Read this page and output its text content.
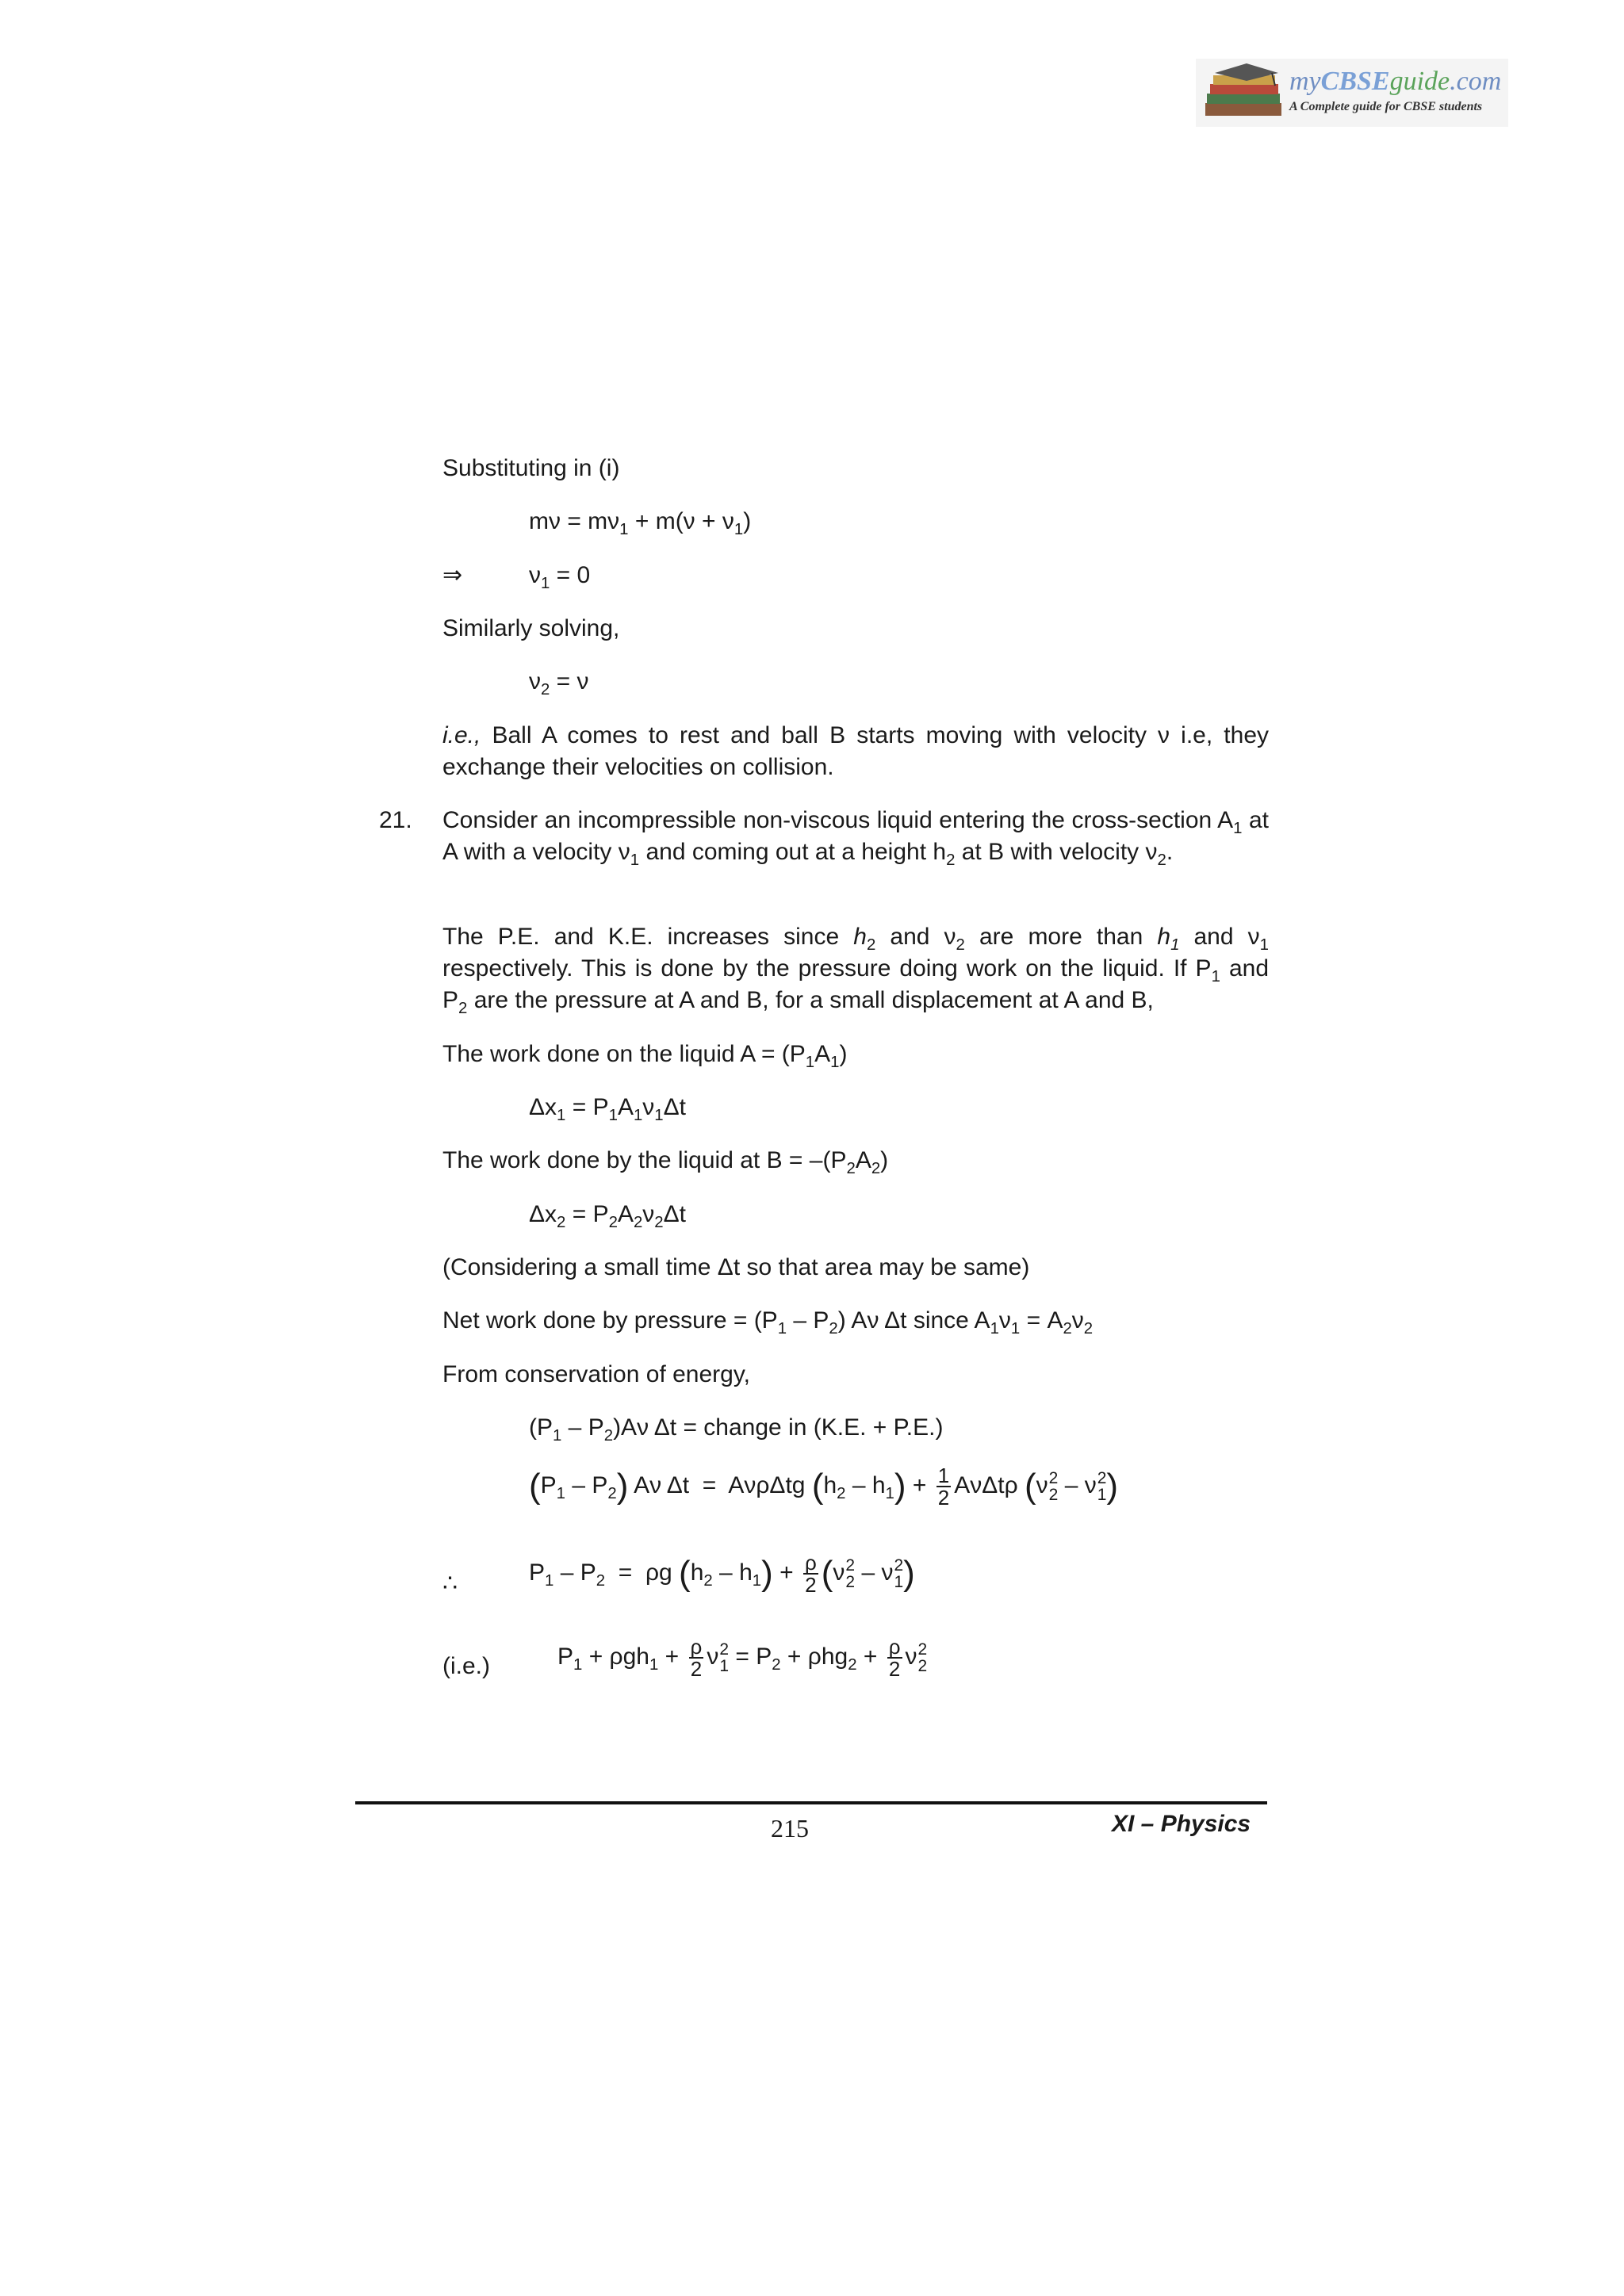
myCBSEguide.com
A Complete guide for CBSE students
Substituting in (i)
$m\nu = m\nu_1 + m(\nu + \nu_1)$
⇒	$\nu_1 = 0$
Similarly solving,
$\nu_2 = \nu$
i.e., Ball A comes to rest and ball B starts moving with velocity ν i.e, they exchange their velocities on collision.
21. Consider an incompressible non-viscous liquid entering the cross-section $A_1$ at A with a velocity $\nu_1$ and coming out at a height $h_2$ at B with velocity $\nu_2$.
The P.E. and K.E. increases since $h_2$ and $\nu_2$ are more than $h_1$ and $\nu_1$ respectively. This is done by the pressure doing work on the liquid. If $P_1$ and $P_2$ are the pressure at A and B, for a small displacement at A and B,
The work done on the liquid $A = (P_1A_1)$
$\Delta x_1 = P_1A_1\nu_1\Delta t$
The work done by the liquid at $B = -(P_2A_2)$
$\Delta x_2 = P_2A_2\nu_2\Delta t$
(Considering a small time Δt so that area may be same)
Net work done by pressure = $(P_1 - P_2)$ Aν Δt since $A_1\nu_1 = A_2\nu_2$
From conservation of energy,
$(P_1 - P_2)A\nu$ Δt = change in (K.E. + P.E.)
$(P_1 - P_2)$ Aν Δt  =  AνρΔtg $(h_2 - h_1) + \frac{1}{2}$ AνΔtρ (ν 2
2 – ν 2
1 )
∴	$P_1 - P_2 = \rho g$ $(h_2 - h_1) + \frac{\rho}{2} (\nu$ 2
2 – ν 2
1 )
(i.e.)	$P_1 + \rho gh_1 + \frac{\rho}{2}$ ν 2
$1 = P_2 + \rho hg_2 + \frac{\rho}{2}$ ν 2
2
215	XI – Physics
